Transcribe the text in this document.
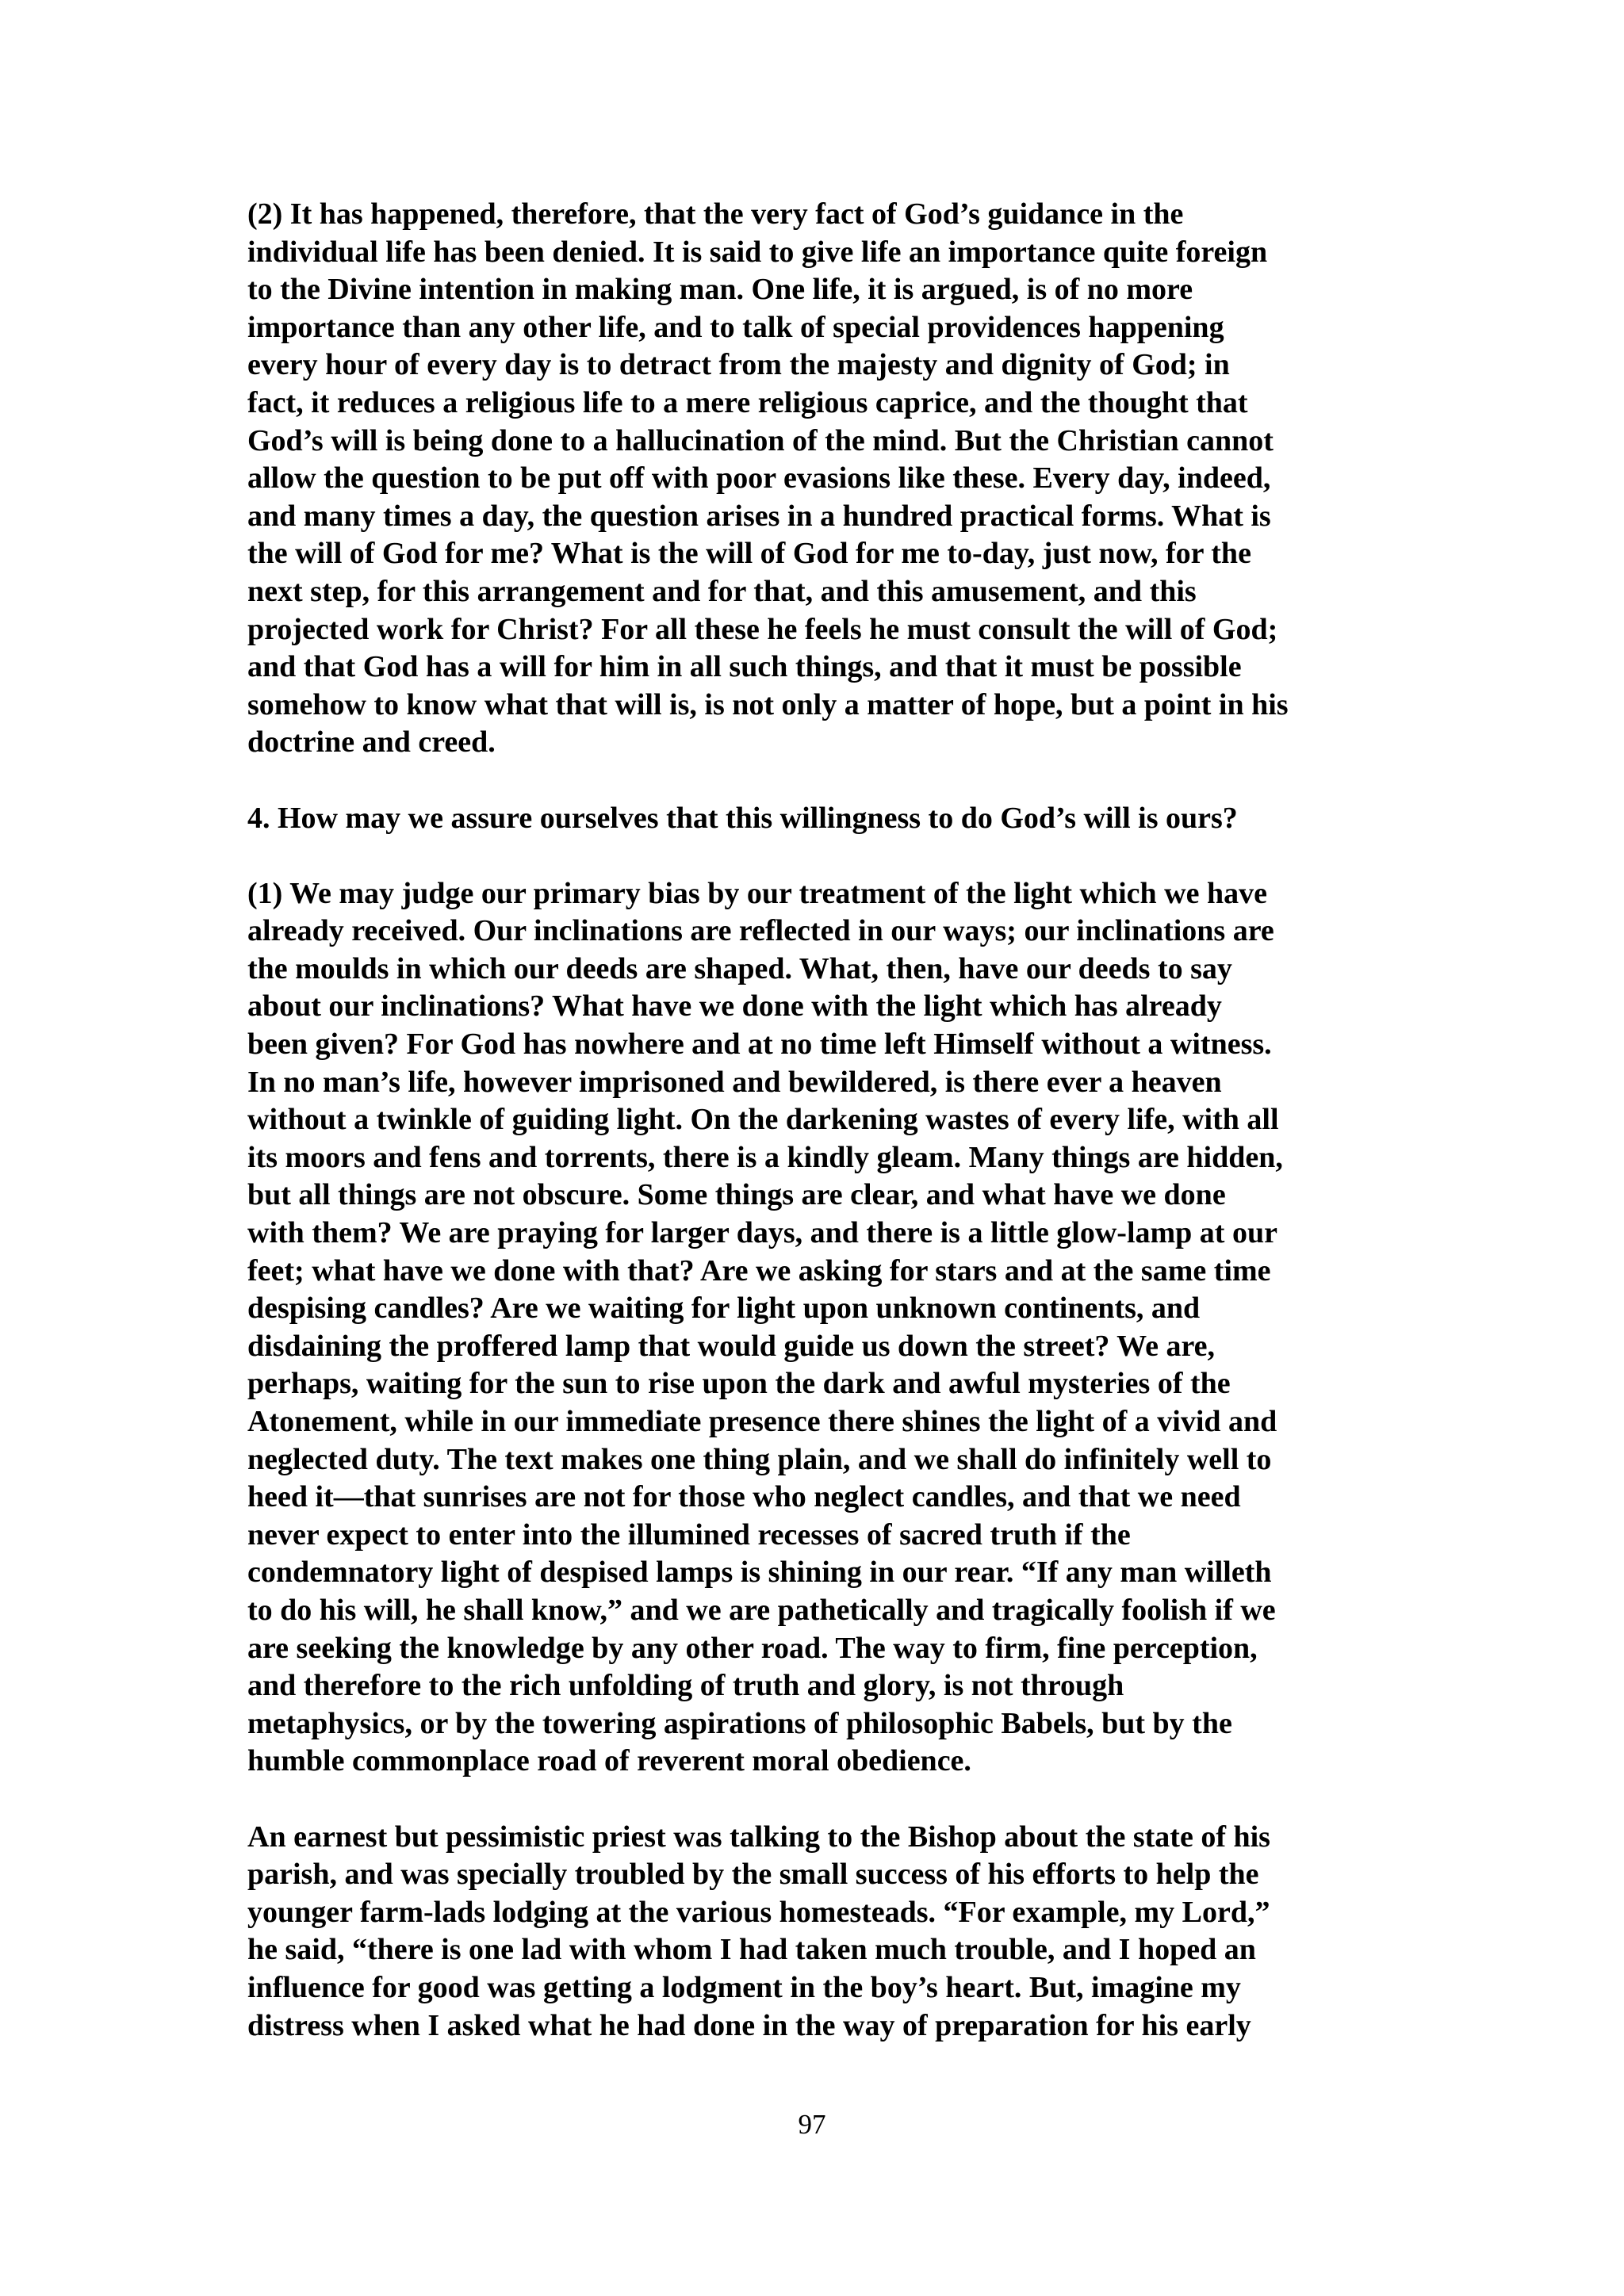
(2) It has happened, therefore, that the very fact of God’s guidance in the
individual life has been denied. It is said to give life an importance quite foreign
to the Divine intention in making man. One life, it is argued, is of no more
importance than any other life, and to talk of special providences happening
every hour of every day is to detract from the majesty and dignity of God; in
fact, it reduces a religious life to a mere religious caprice, and the thought that
God’s will is being done to a hallucination of the mind. But the Christian cannot
allow the question to be put off with poor evasions like these. Every day, indeed,
and many times a day, the question arises in a hundred practical forms. What is
the will of God for me? What is the will of God for me to-day, just now, for the
next step, for this arrangement and for that, and this amusement, and this
projected work for Christ? For all these he feels he must consult the will of God;
and that God has a will for him in all such things, and that it must be possible
somehow to know what that will is, is not only a matter of hope, but a point in his
doctrine and creed.

4. How may we assure ourselves that this willingness to do God’s will is ours?

(1) We may judge our primary bias by our treatment of the light which we have
already received. Our inclinations are reflected in our ways; our inclinations are
the moulds in which our deeds are shaped. What, then, have our deeds to say
about our inclinations? What have we done with the light which has already
been given? For God has nowhere and at no time left Himself without a witness.
In no man’s life, however imprisoned and bewildered, is there ever a heaven
without a twinkle of guiding light. On the darkening wastes of every life, with all
its moors and fens and torrents, there is a kindly gleam. Many things are hidden,
but all things are not obscure. Some things are clear, and what have we done
with them? We are praying for larger days, and there is a little glow-lamp at our
feet; what have we done with that? Are we asking for stars and at the same time
despising candles? Are we waiting for light upon unknown continents, and
disdaining the proffered lamp that would guide us down the street? We are,
perhaps, waiting for the sun to rise upon the dark and awful mysteries of the
Atonement, while in our immediate presence there shines the light of a vivid and
neglected duty. The text makes one thing plain, and we shall do infinitely well to
heed it—that sunrises are not for those who neglect candles, and that we need
never expect to enter into the illumined recesses of sacred truth if the
condemnatory light of despised lamps is shining in our rear. “If any man willeth
to do his will, he shall know,” and we are pathetically and tragically foolish if we
are seeking the knowledge by any other road. The way to firm, fine perception,
and therefore to the rich unfolding of truth and glory, is not through
metaphysics, or by the towering aspirations of philosophic Babels, but by the
humble commonplace road of reverent moral obedience.

An earnest but pessimistic priest was talking to the Bishop about the state of his
parish, and was specially troubled by the small success of his efforts to help the
younger farm-lads lodging at the various homesteads. “For example, my Lord,”
he said, “there is one lad with whom I had taken much trouble, and I hoped an
influence for good was getting a lodgment in the boy’s heart. But, imagine my
distress when I asked what he had done in the way of preparation for his early

97
